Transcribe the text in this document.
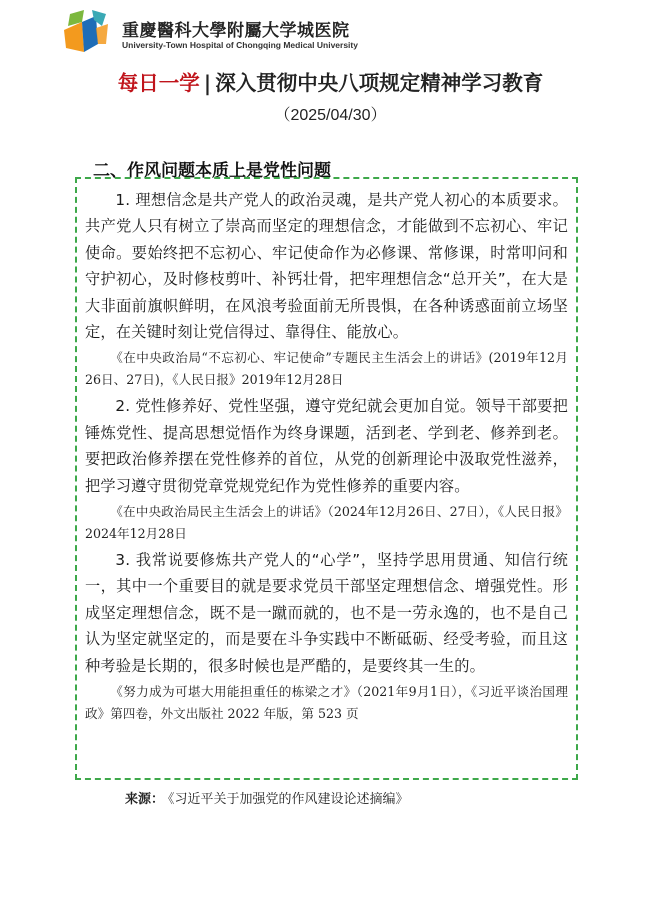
重慶醫科大學附屬大学城医院
University-Town Hospital of Chongqing Medical University
每日一学 | 深入贯彻中央八项规定精神学习教育
（2025/04/30）
二、作风问题本质上是党性问题

1. 理想信念是共产党人的政治灵魂，是共产党人初心的本质要求。共产党人只有树立了崇高而坚定的理想信念，才能做到不忘初心、牢记使命。要始终把不忘初心、牢记使命作为必修课、常修课，时常叩问和守护初心，及时修枝剪叶、补钙壮骨，把牢理想信念“总开关”，在大是大非面前旗帜鲜明，在风浪考验面前无所畏惧，在各种诱惑面前立场坚定，在关键时刻让党信得过、靠得住、能放心。

《在中央政治局“不忘初心、牢记使命”专题民主生活会上的讲话》(2019年12月26日、27日)，《人民日报》2019年12月28日

2. 党性修养好、党性坚强，遵守党纪就会更加自觉。领导干部要把锤炼党性、提高思想觉悟作为终身课题，活到老、学到老、修养到老。要把政治修养摆在党性修养的首位，从党的创新理论中汲取党性滋养，把学习遵守贯彻党章党规党纪作为党性修养的重要内容。

《在中央政治局民主生活会上的讲话》（2024年12月26日、27日），《人民日报》2024年12月28日

3. 我常说要修炼共产党人的“心学”，坚持学思用贯通、知信行统一，其中一个重要目的就是要求党员干部坚定理想信念、增强党性。形成坚定理想信念，既不是一蹴而就的，也不是一劳永逸的，也不是自己认为坚定就坚定的，而是要在斗争实践中不断砥砺、经受考验，而且这种考验是长期的，很多时候也是严酷的，是要终其一生的。

《努力成为可堪大用能担重任的栋梁之才》（2021年9月1日），《习近平谈治国理政》第四卷，外文出版社 2022 年版，第 523 页

来源： 《习近平关于加强党的作风建设论述摘编》
